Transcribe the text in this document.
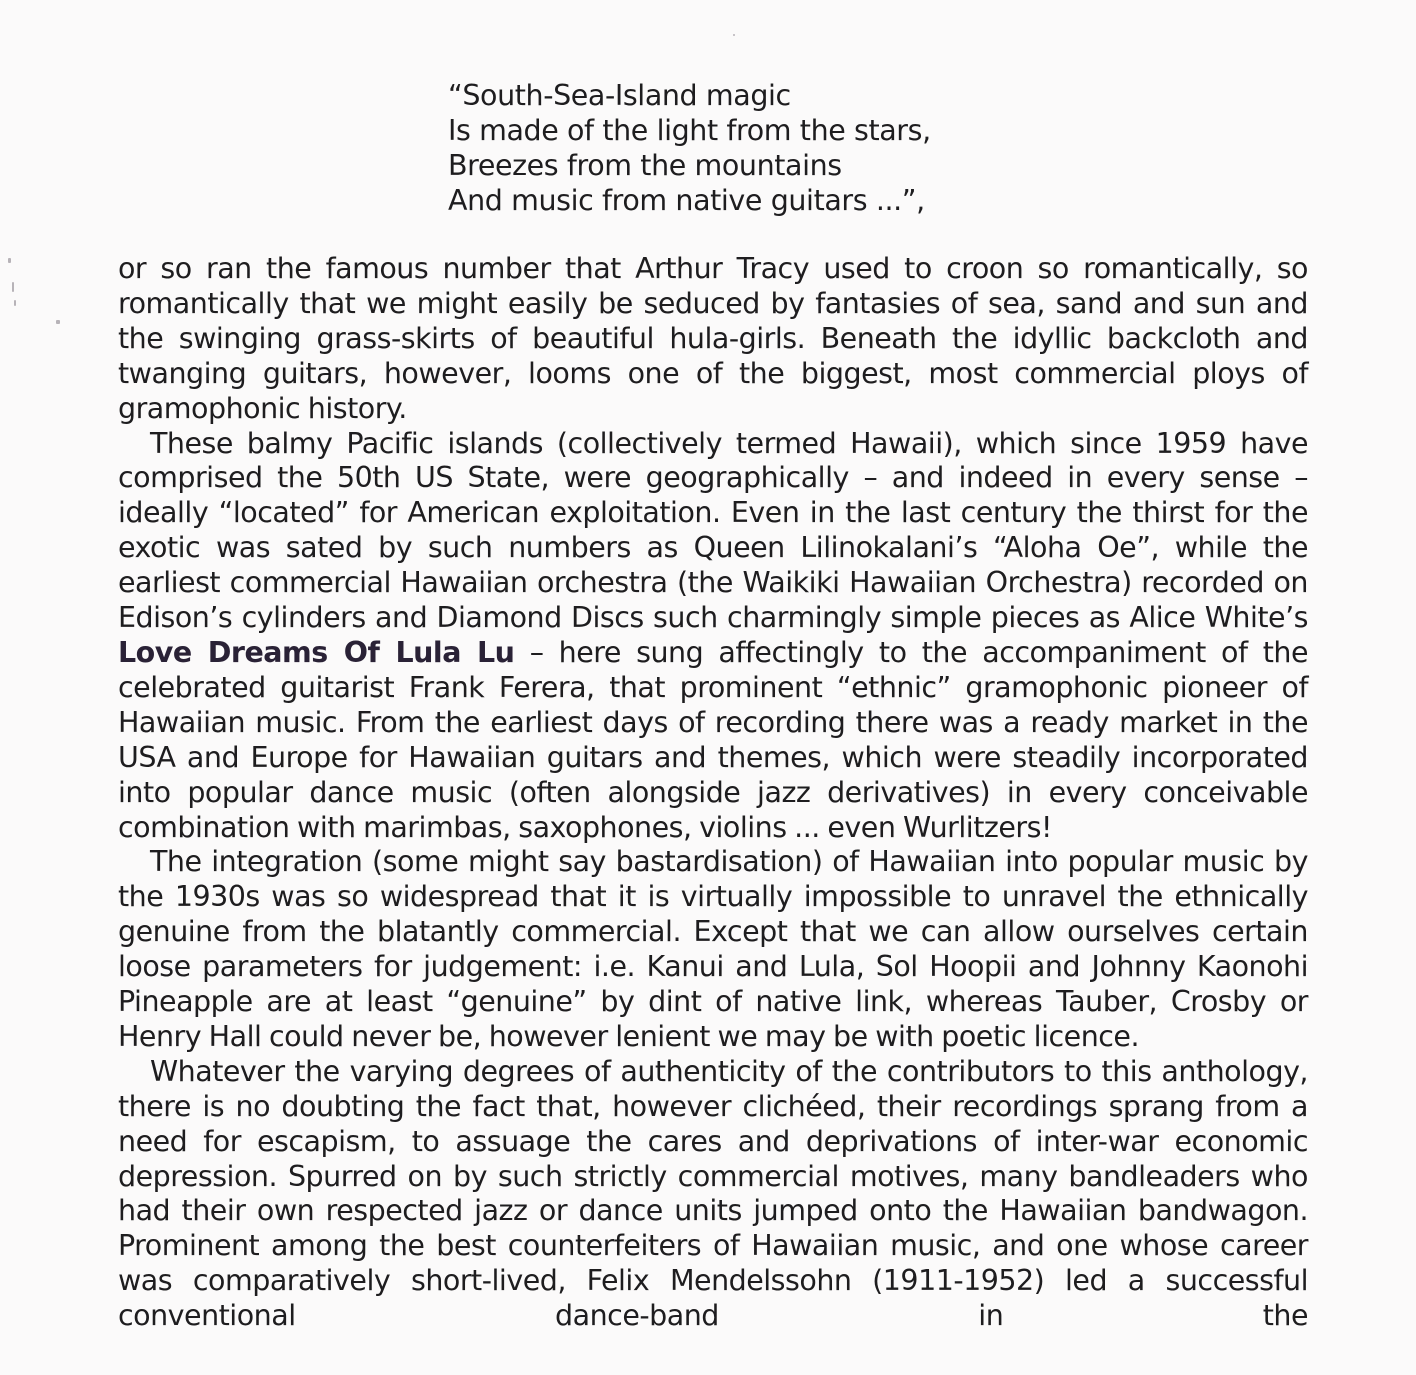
“South-Sea-Island magic
Is made of the light from the stars,
Breezes from the mountains
And music from native guitars ...”,

or so ran the famous number that Arthur Tracy used to croon so romantically, so romantically that we might easily be seduced by fantasies of sea, sand and sun and the swinging grass-skirts of beautiful hula-girls. Beneath the idyllic backcloth and twanging guitars, however, looms one of the biggest, most commercial ploys of gramophonic history.

These balmy Pacific islands (collectively termed Hawaii), which since 1959 have comprised the 50th US State, were geographically – and indeed in every sense – ideally “located” for American exploitation. Even in the last century the thirst for the exotic was sated by such numbers as Queen Lilinokalani’s “Aloha Oe”, while the earliest commercial Hawaiian orchestra (the Waikiki Hawaiian Orchestra) recorded on Edison’s cylinders and Diamond Discs such charmingly simple pieces as Alice White’s Love Dreams Of Lula Lu – here sung affectingly to the accompaniment of the celebrated guitarist Frank Ferera, that prominent “ethnic” gramophonic pioneer of Hawaiian music. From the earliest days of recording there was a ready market in the USA and Europe for Hawaiian guitars and themes, which were steadily incorporated into popular dance music (often alongside jazz derivatives) in every conceivable combination with marimbas, saxophones, violins ... even Wurlitzers!

The integration (some might say bastardisation) of Hawaiian into popular music by the 1930s was so widespread that it is virtually impossible to unravel the ethnically genuine from the blatantly commercial. Except that we can allow ourselves certain loose parameters for judgement: i.e. Kanui and Lula, Sol Hoopii and Johnny Kaonohi Pineapple are at least “genuine” by dint of native link, whereas Tauber, Crosby or Henry Hall could never be, however lenient we may be with poetic licence.

Whatever the varying degrees of authenticity of the contributors to this anthology, there is no doubting the fact that, however clichéed, their recordings sprang from a need for escapism, to assuage the cares and deprivations of inter-war economic depression. Spurred on by such strictly commercial motives, many bandleaders who had their own respected jazz or dance units jumped onto the Hawaiian bandwagon. Prominent among the best counterfeiters of Hawaiian music, and one whose career was comparatively short-lived, Felix Mendelssohn (1911-1952) led a successful conventional dance-band in the
